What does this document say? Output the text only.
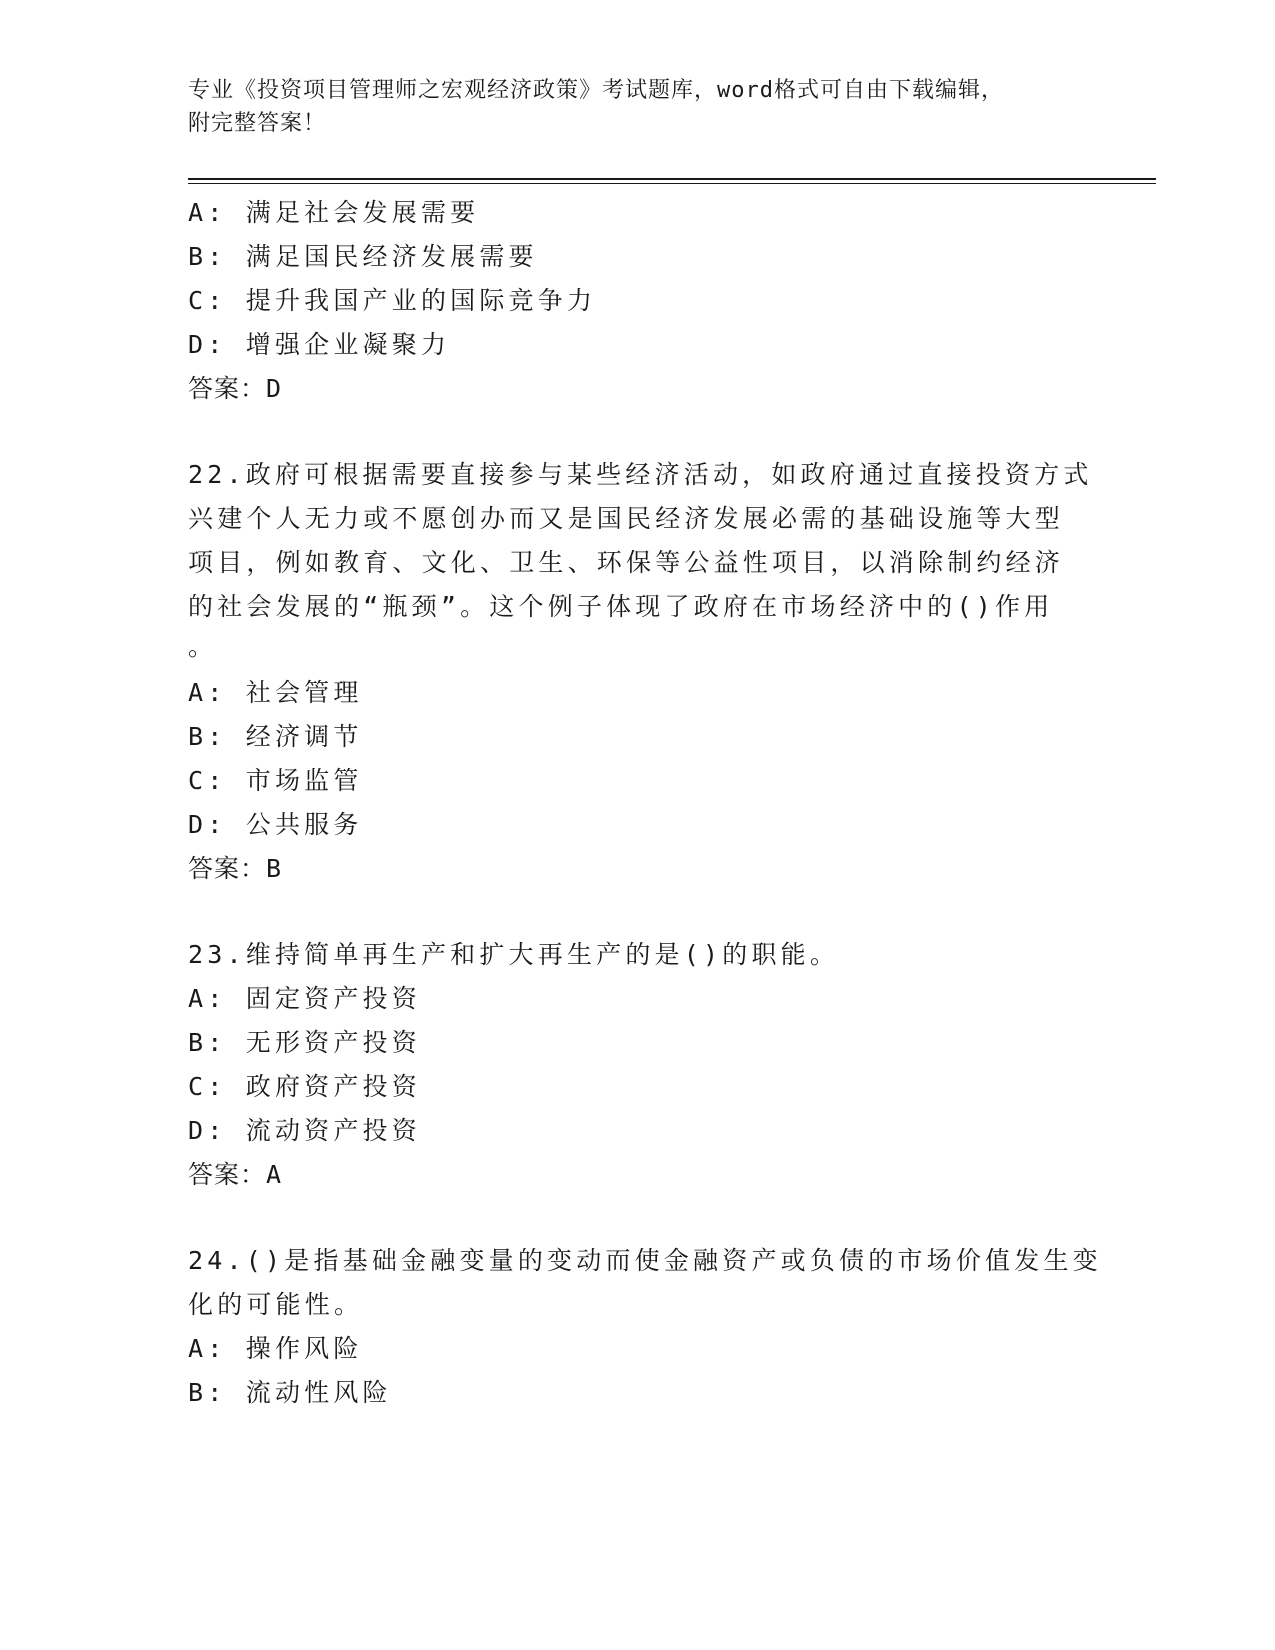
专业《投资项目管理师之宏观经济政策》考试题库，word格式可自由下载编辑，
附完整答案！
A: 满足社会发展需要
B: 满足国民经济发展需要
C: 提升我国产业的国际竞争力
D: 增强企业凝聚力
答案：D
22.政府可根据需要直接参与某些经济活动，如政府通过直接投资方式
兴建个人无力或不愿创办而又是国民经济发展必需的基础设施等大型
项目，例如教育、文化、卫生、环保等公益性项目，以消除制约经济
的社会发展的“瓶颈”。这个例子体现了政府在市场经济中的()作用
。
A: 社会管理
B: 经济调节
C: 市场监管
D: 公共服务
答案：B
23.维持简单再生产和扩大再生产的是()的职能。
A: 固定资产投资
B: 无形资产投资
C: 政府资产投资
D: 流动资产投资
答案：A
24.()是指基础金融变量的变动而使金融资产或负债的市场价值发生变
化的可能性。
A: 操作风险
B: 流动性风险
